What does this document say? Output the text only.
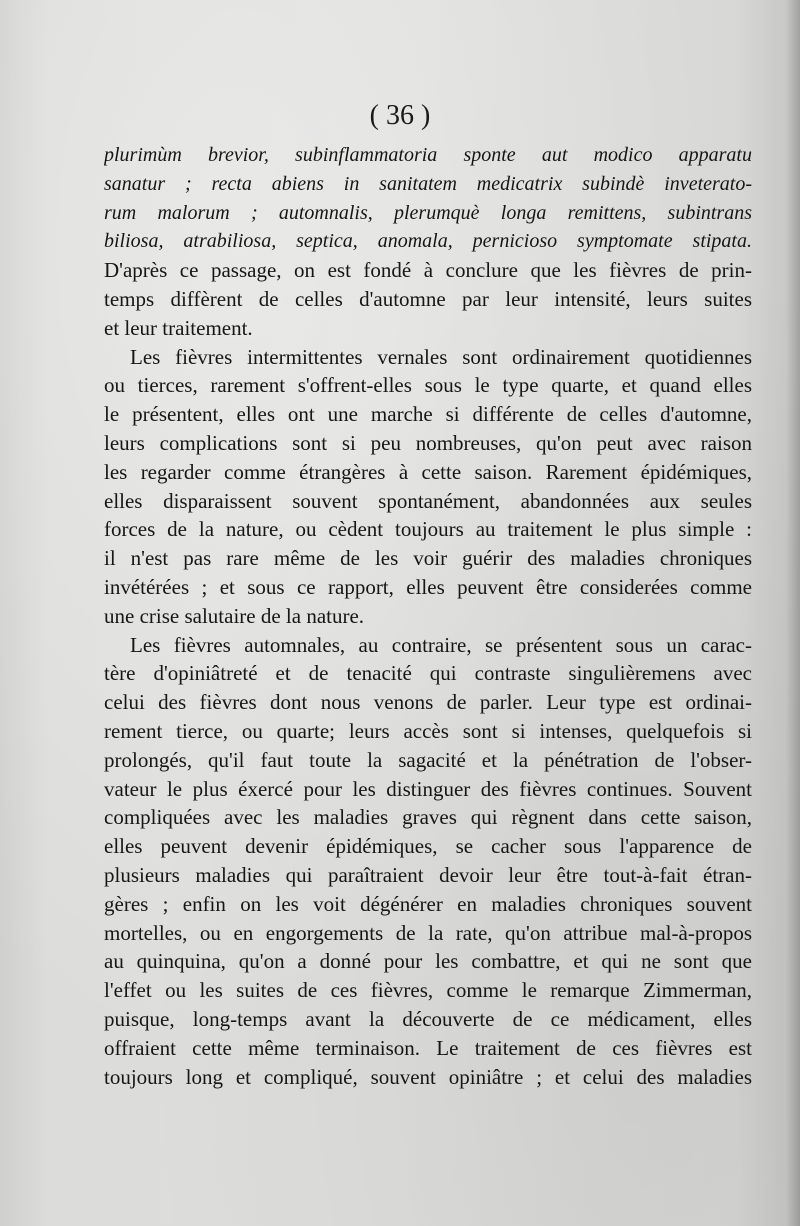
( 36 )
plurimùm brevior, subinflammatoria sponte aut modico apparatu
sanatur ; recta abiens in sanitatem medicatrix subindè inveterato-
rum malorum ; automnalis, plerumquè longa remittens, subintrans
biliosa, atrabiliosa, septica, anomala, pernicioso symptomate stipata.
D'après ce passage, on est fondé à conclure que les fièvres de prin-
temps diffèrent de celles d'automne par leur intensité, leurs suites
et leur traitement.
Les fièvres intermittentes vernales sont ordinairement quotidiennes
ou tierces, rarement s'offrent-elles sous le type quarte, et quand elles
le présentent, elles ont une marche si différente de celles d'automne,
leurs complications sont si peu nombreuses, qu'on peut avec raison
les regarder comme étrangères à cette saison. Rarement épidémiques,
elles disparaissent souvent spontanément, abandonnées aux seules
forces de la nature, ou cèdent toujours au traitement le plus simple :
il n'est pas rare même de les voir guérir des maladies chroniques
invétérées ; et sous ce rapport, elles peuvent être considerées comme
une crise salutaire de la nature.
Les fièvres automnales, au contraire, se présentent sous un carac-
tère d'opiniâtreté et de tenacité qui contraste singulièremens avec
celui des fièvres dont nous venons de parler. Leur type est ordinai-
rement tierce, ou quarte; leurs accès sont si intenses, quelquefois si
prolongés, qu'il faut toute la sagacité et la pénétration de l'obser-
vateur le plus éxercé pour les distinguer des fièvres continues. Souvent
compliquées avec les maladies graves qui règnent dans cette saison,
elles peuvent devenir épidémiques, se cacher sous l'apparence de
plusieurs maladies qui paraîtraient devoir leur être tout-à-fait étran-
gères ; enfin on les voit dégénérer en maladies chroniques souvent
mortelles, ou en engorgements de la rate, qu'on attribue mal-à-propos
au quinquina, qu'on a donné pour les combattre, et qui ne sont que
l'effet ou les suites de ces fièvres, comme le remarque Zimmerman,
puisque, long-temps avant la découverte de ce médicament, elles
offraient cette même terminaison. Le traitement de ces fièvres est
toujours long et compliqué, souvent opiniâtre ; et celui des maladies
